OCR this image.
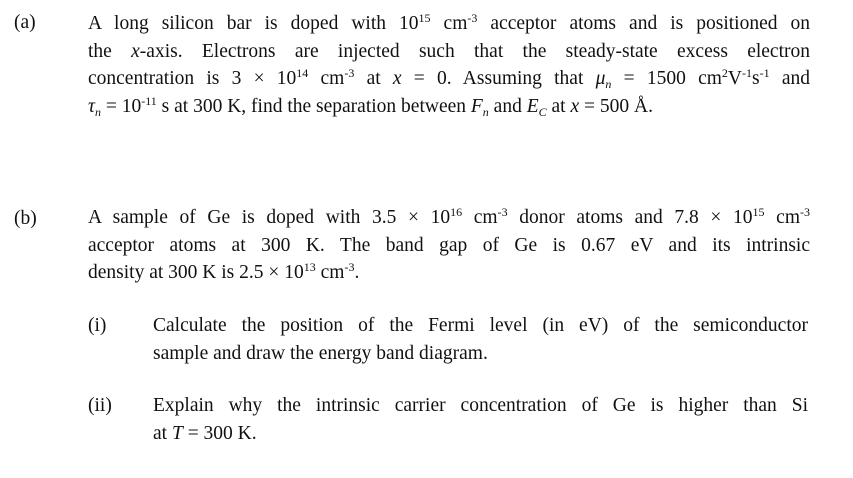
(a)	A long silicon bar is doped with $10^{15}$ $cm^{-3}$ acceptor atoms and is positioned on
the x-axis. Electrons are injected such that the steady-state excess electron
concentration is $3 \times 10^{14}$ $cm^{-3}$ at x = 0. Assuming that $\mu_n = 1500$ $cm^2V^{-1}s^{-1}$ and
$\tau_n = 10^{-11}$ s at 300 K, find the separation between $F_n$ and $E_C$ at x = 500 Å.
(b)	A sample of Ge is doped with $3.5 \times 10^{16}$ $cm^{-3}$ donor atoms and $7.8 \times 10^{15}$ $cm^{-3}$
acceptor atoms at 300 K. The band gap of Ge is 0.67 eV and its intrinsic
density at 300 K is $2.5 \times 10^{13}$ $cm^{-3}$.
(i) Calculate the position of the Fermi level (in eV) of the semiconductor
sample and draw the energy band diagram.
(ii) Explain why the intrinsic carrier concentration of Ge is higher than Si
at T = 300 K.
